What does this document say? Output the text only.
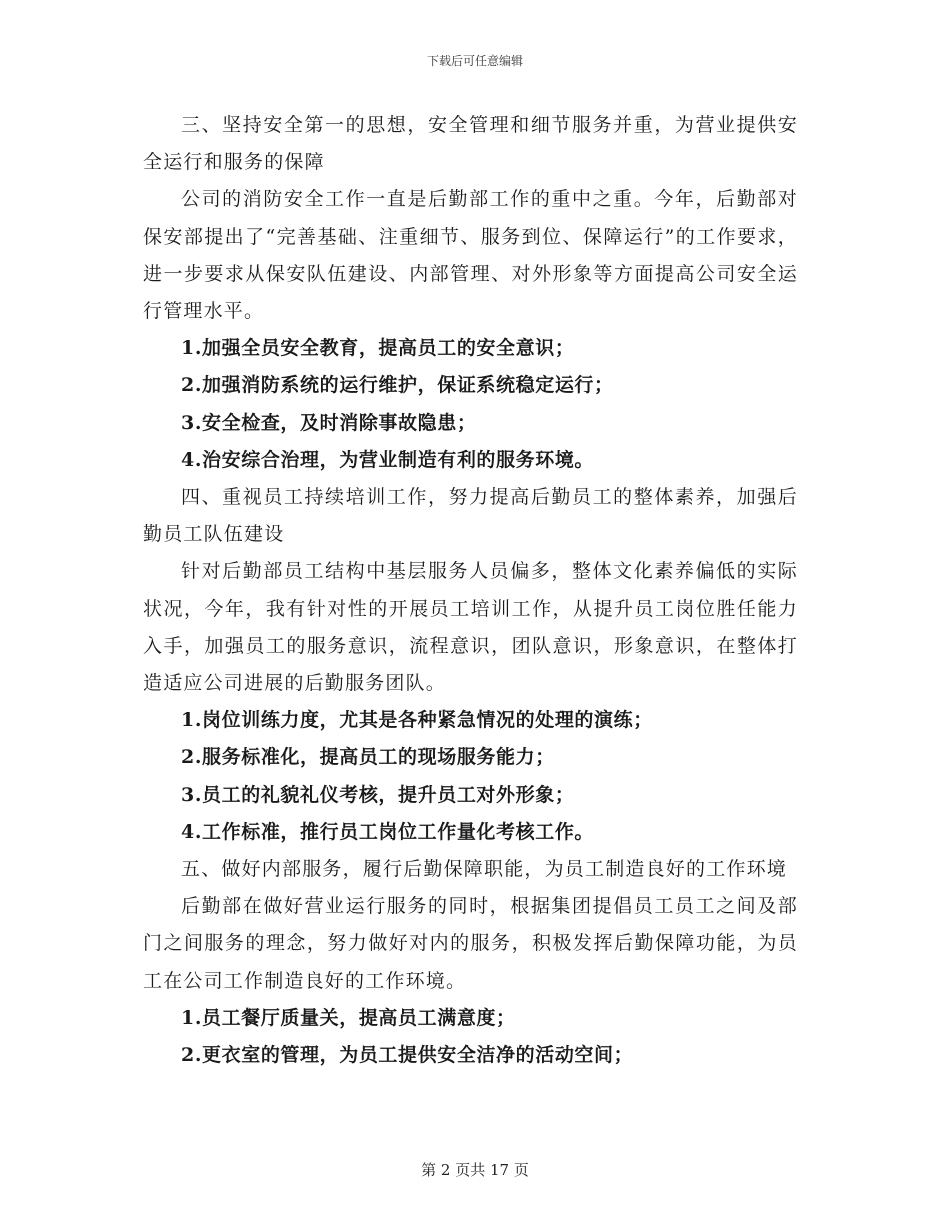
下载后可任意编辑

三、坚持安全第一的思想，安全管理和细节服务并重，为营业提供安全运行和服务的保障

公司的消防安全工作一直是后勤部工作的重中之重。今年，后勤部对保安部提出了“完善基础、注重细节、服务到位、保障运行”的工作要求，进一步要求从保安队伍建设、内部管理、对外形象等方面提高公司安全运行管理水平。

1.加强全员安全教育，提高员工的安全意识；

2.加强消防系统的运行维护，保证系统稳定运行；

3.安全检查，及时消除事故隐患；

4.治安综合治理，为营业制造有利的服务环境。

四、重视员工持续培训工作，努力提高后勤员工的整体素养，加强后勤员工队伍建设

针对后勤部员工结构中基层服务人员偏多，整体文化素养偏低的实际状况，今年，我有针对性的开展员工培训工作，从提升员工岗位胜任能力入手，加强员工的服务意识，流程意识，团队意识，形象意识，在整体打造适应公司进展的后勤服务团队。

1.岗位训练力度，尤其是各种紧急情况的处理的演练；

2.服务标准化，提高员工的现场服务能力；

3.员工的礼貌礼仪考核，提升员工对外形象；

4.工作标准，推行员工岗位工作量化考核工作。

五、做好内部服务，履行后勤保障职能，为员工制造良好的工作环境

后勤部在做好营业运行服务的同时，根据集团提倡员工员工之间及部门之间服务的理念，努力做好对内的服务，积极发挥后勤保障功能，为员工在公司工作制造良好的工作环境。

1.员工餐厅质量关，提高员工满意度；

2.更衣室的管理，为员工提供安全洁净的活动空间；

第 2 页共 17 页
